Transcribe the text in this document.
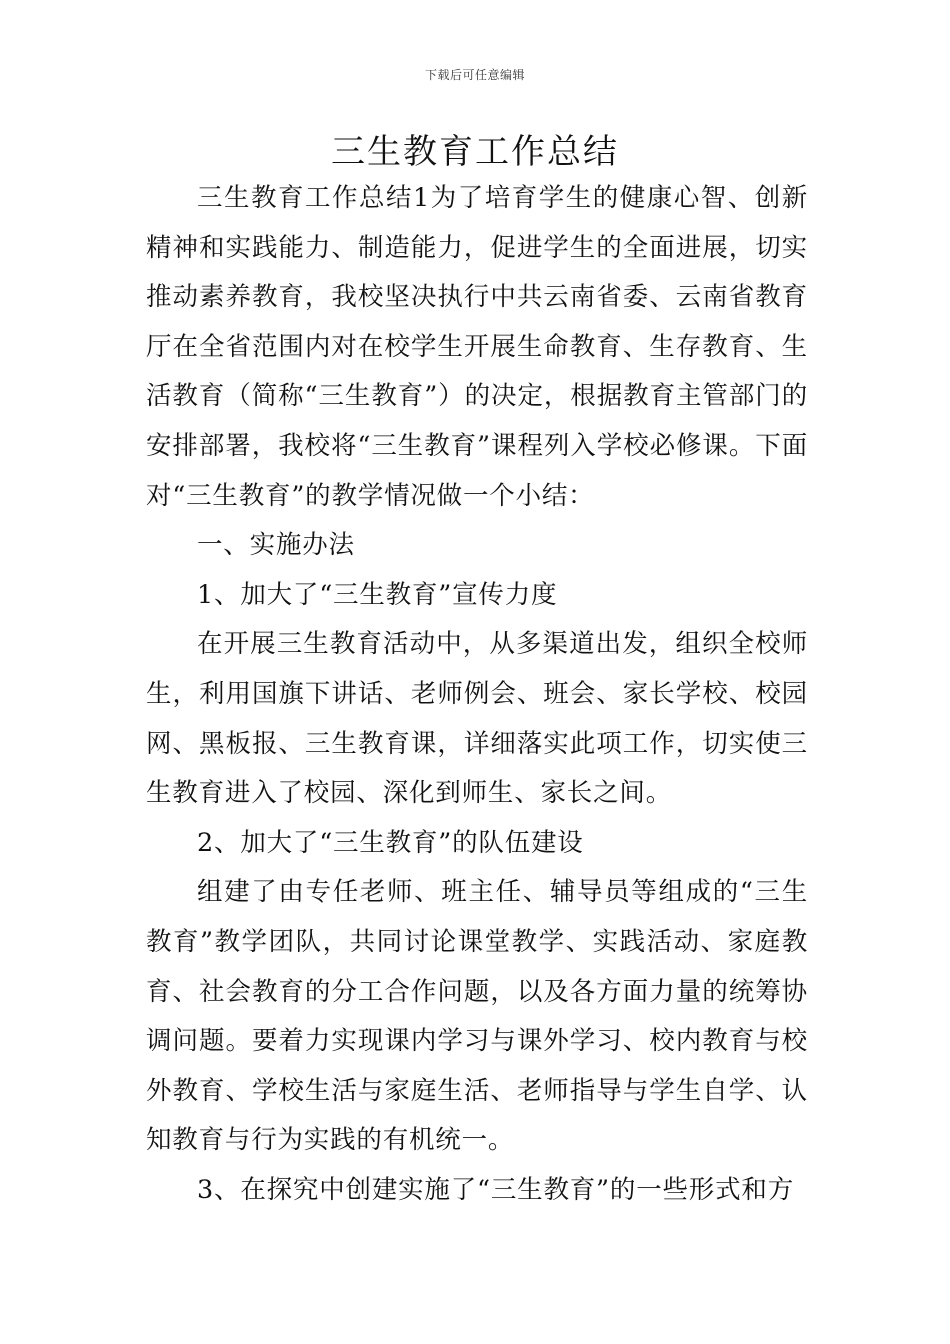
下载后可任意编辑
三生教育工作总结

三生教育工作总结1为了培育学生的健康心智、创新精神和实践能力、制造能力，促进学生的全面进展，切实推动素养教育，我校坚决执行中共云南省委、云南省教育厅在全省范围内对在校学生开展生命教育、生存教育、生活教育（简称“三生教育”）的决定，根据教育主管部门的安排部署，我校将“三生教育”课程列入学校必修课。下面对“三生教育”的教学情况做一个小结：

一、实施办法

1、加大了“三生教育”宣传力度

在开展三生教育活动中，从多渠道出发，组织全校师生，利用国旗下讲话、老师例会、班会、家长学校、校园网、黑板报、三生教育课，详细落实此项工作，切实使三生教育进入了校园、深化到师生、家长之间。

2、加大了“三生教育”的队伍建设

组建了由专任老师、班主任、辅导员等组成的“三生教育”教学团队，共同讨论课堂教学、实践活动、家庭教育、社会教育的分工合作问题，以及各方面力量的统筹协调问题。要着力实现课内学习与课外学习、校内教育与校外教育、学校生活与家庭生活、老师指导与学生自学、认知教育与行为实践的有机统一。

3、在探究中创建实施了“三生教育”的一些形式和方
